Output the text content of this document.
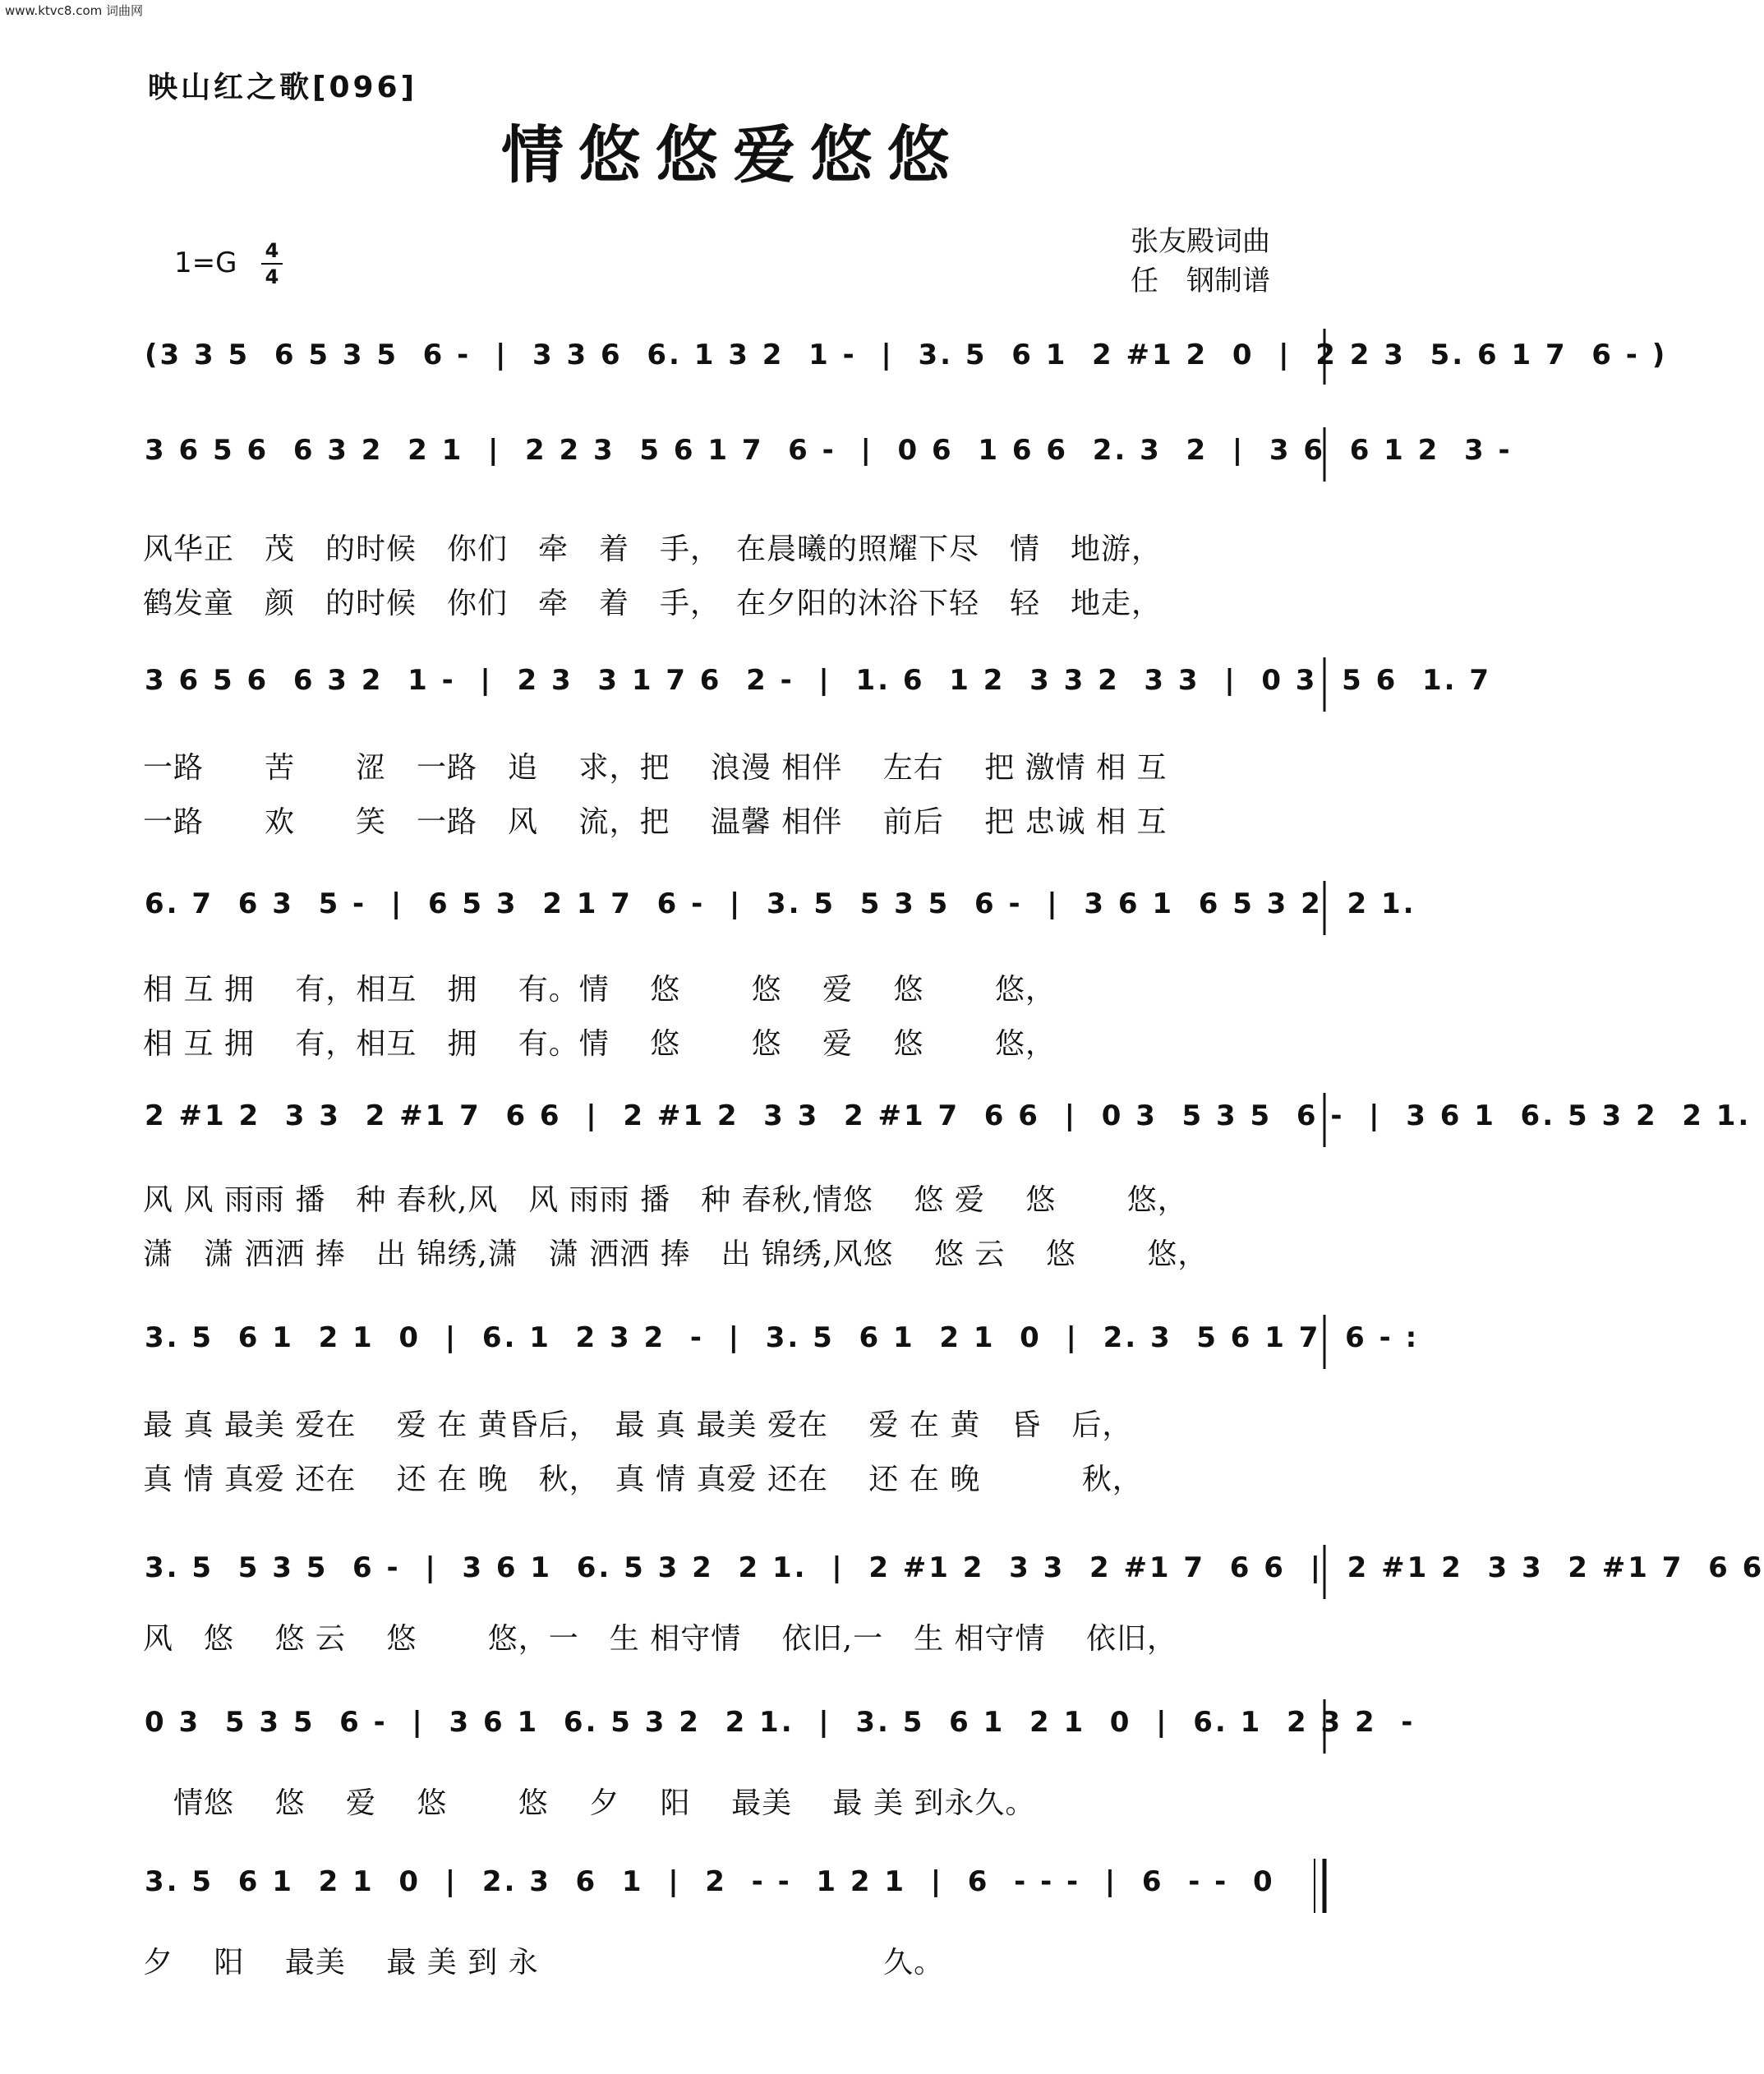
www.ktvc8.com 词曲网
映山红之歌[096]
情悠悠爱悠悠
1=G 4
4
张友殿词曲
任　钢制谱
(3 3 5  6 5 3 5  6 -  |  3 3 6  6. 1 3 2  1 -  |  3. 5  6 1  2 #1 2  0  |  2 2 3  5. 6 1 7  6 - )
3 6 5 6  6 3 2  2 1  |  2 2 3  5 6 1 7  6 -  |  0 6  1 6 6  2. 3  2  |  3 6  6 1 2  3 -
风华正　茂　的时候　你们　牵　着　手，　在晨曦的照耀下尽　情　地游，
鹤发童　颜　的时候　你们　牵　着　手，　在夕阳的沐浴下轻　轻　地走，
3 6 5 6  6 3 2  1 -  |  2 3  3 1 7 6  2 -  |  1. 6  1 2  3 3 2  3 3  |  0 3  5 6  1. 7
一路　　苦　　涩　一路　追　 求，把　 浪漫 相伴　 左右　 把 激情 相 互
一路　　欢　　笑　一路　风　 流，把　 温馨 相伴　 前后　 把 忠诚 相 互
6. 7  6 3  5 -  |  6 5 3  2 1 7  6 -  |  3. 5  5 3 5  6 -  |  3 6 1  6 5 3 2  2 1.
相 互 拥　 有，相互　拥　 有。情　 悠　　 悠　 爱　 悠　　 悠，
相 互 拥　 有，相互　拥　 有。情　 悠　　 悠　 爱　 悠　　 悠，
2 #1 2  3 3  2 #1 7  6 6  |  2 #1 2  3 3  2 #1 7  6 6  |  0 3  5 3 5  6 -  |  3 6 1  6. 5 3 2  2 1.
风 风 雨雨 播　种 春秋,风　风 雨雨 播　种 春秋,情悠　 悠 爱　 悠　　 悠，
潇　潇 洒洒 捧　出 锦绣,潇　潇 洒洒 捧　出 锦绣,风悠　 悠 云　 悠　　 悠，
3. 5  6 1  2 1  0  |  6. 1  2 3 2  -  |  3. 5  6 1  2 1  0  |  2. 3  5 6 1 7  6 - :
最 真 最美 爱在　 爱 在 黄昏后，　最 真 最美 爱在　 爱 在 黄　昏　后，
真 情 真爱 还在　 还 在 晚　秋，　真 情 真爱 还在　 还 在 晚　　　 秋，
3. 5  5 3 5  6 -  |  3 6 1  6. 5 3 2  2 1.  |  2 #1 2  3 3  2 #1 7  6 6  |  2 #1 2  3 3  2 #1 7  6 6
风　悠　 悠 云　 悠　　 悠，一　生 相守情　 依旧,一　生 相守情　 依旧，
0 3  5 3 5  6 -  |  3 6 1  6. 5 3 2  2 1.  |  3. 5  6 1  2 1  0  |  6. 1  2 3 2  -
　情悠　 悠　 爱　 悠　　 悠　 夕　 阳　 最美　 最 美 到永久。
3. 5  6 1  2 1  0  |  2. 3  6  1  |  2  - -  1 2 1  |  6  - - -  |  6  - -  0
夕　 阳　 最美　 最 美 到 永　　　　　　　　　　　 久。
